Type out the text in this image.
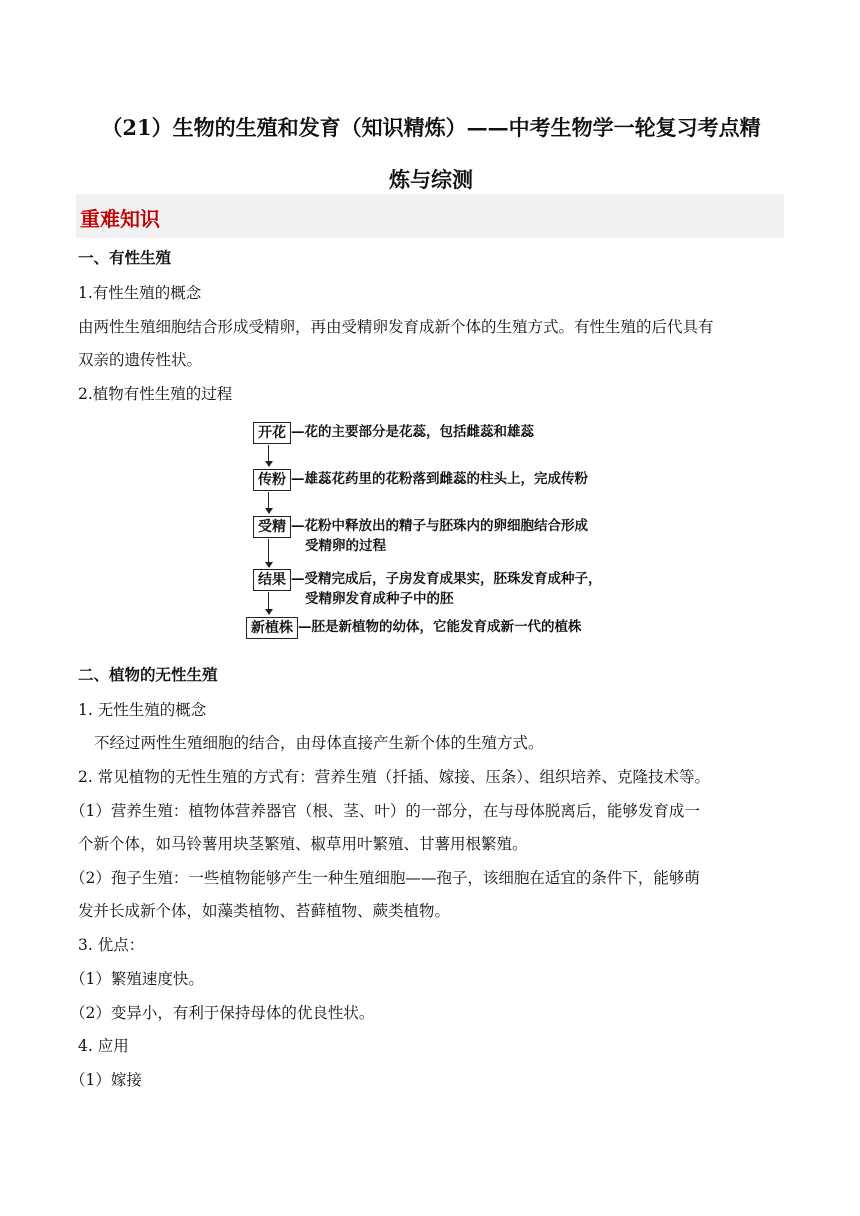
（21）生物的生殖和发育（知识精炼）——中考生物学一轮复习考点精
炼与综测
重难知识
一、有性生殖
1.有性生殖的概念
由两性生殖细胞结合形成受精卵，再由受精卵发育成新个体的生殖方式。有性生殖的后代具有
双亲的遗传性状。
2.植物有性生殖的过程
开花 —花的主要部分是花蕊，包括雌蕊和雄蕊
传粉 —雄蕊花药里的花粉落到雌蕊的柱头上，完成传粉
受精 —花粉中释放出的精子与胚珠内的卵细胞结合形成
受精卵的过程
结果 —受精完成后，子房发育成果实，胚珠发育成种子，
受精卵发育成种子中的胚
新植株 —胚是新植物的幼体，它能发育成新一代的植株
二、植物的无性生殖
1. 无性生殖的概念
不经过两性生殖细胞的结合，由母体直接产生新个体的生殖方式。
2. 常见植物的无性生殖的方式有：营养生殖（扦插、嫁接、压条）、组织培养、克隆技术等。
（1）营养生殖：植物体营养器官（根、茎、叶）的一部分，在与母体脱离后，能够发育成一
个新个体，如马铃薯用块茎繁殖、椒草用叶繁殖、甘薯用根繁殖。
（2）孢子生殖：一些植物能够产生一种生殖细胞——孢子，该细胞在适宜的条件下，能够萌
发并长成新个体，如藻类植物、苔藓植物、蕨类植物。
3. 优点：
（1）繁殖速度快。
（2）变异小，有利于保持母体的优良性状。
4. 应用
（1）嫁接
